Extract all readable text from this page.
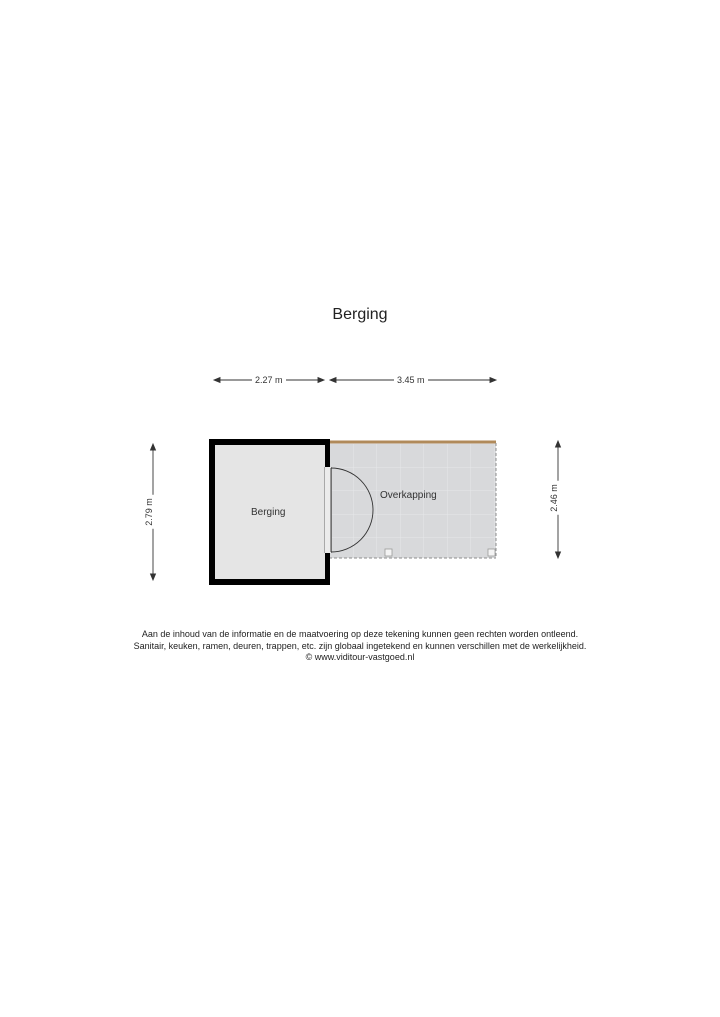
Berging
2.27 m	3.45 m
2.79 m
2.46 m
Berging
Overkapping
Aan de inhoud van de informatie en de maatvoering op deze tekening kunnen geen rechten worden ontleend.
Sanitair, keuken, ramen, deuren, trappen, etc. zijn globaal ingetekend en kunnen verschillen met de werkelijkheid.
© www.viditour-vastgoed.nl
